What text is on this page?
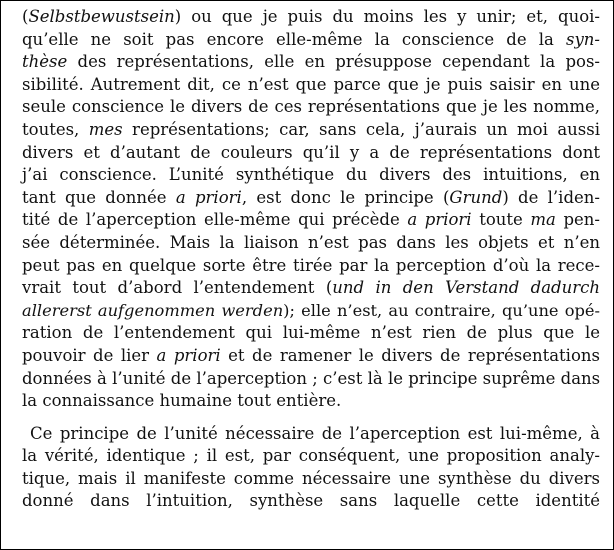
(Selbstbewustsein) ou que je puis du moins les y unir; et, quoi-
qu’elle ne soit pas encore elle-même la conscience de la syn-
thèse des représentations, elle en présuppose cependant la pos-
sibilité. Autrement dit, ce n’est que parce que je puis saisir en une
seule conscience le divers de ces représentations que je les nomme,
toutes, mes représentations; car, sans cela, j’aurais un moi aussi
divers et d’autant de couleurs qu’il y a de représentations dont
j’ai conscience. L’unité synthétique du divers des intuitions, en
tant que donnée a priori, est donc le principe (Grund) de l’iden-
tité de l’aperception elle-même qui précède a priori toute ma pen-
sée déterminée. Mais la liaison n’est pas dans les objets et n’en
peut pas en quelque sorte être tirée par la perception d’où la rece-
vrait tout d’abord l’entendement (und in den Verstand dadurch
allererst aufgenommen werden); elle n’est, au contraire, qu’une opé-
ration de l’entendement qui lui-même n’est rien de plus que le
pouvoir de lier a priori et de ramener le divers de représentations
données à l’unité de l’aperception ; c’est là le principe suprême dans
la connaissance humaine tout entière.
Ce principe de l’unité nécessaire de l’aperception est lui-même, à
la vérité, identique ; il est, par conséquent, une proposition analy-
tique, mais il manifeste comme nécessaire une synthèse du divers
donné dans l’intuition, synthèse sans laquelle cette identité
